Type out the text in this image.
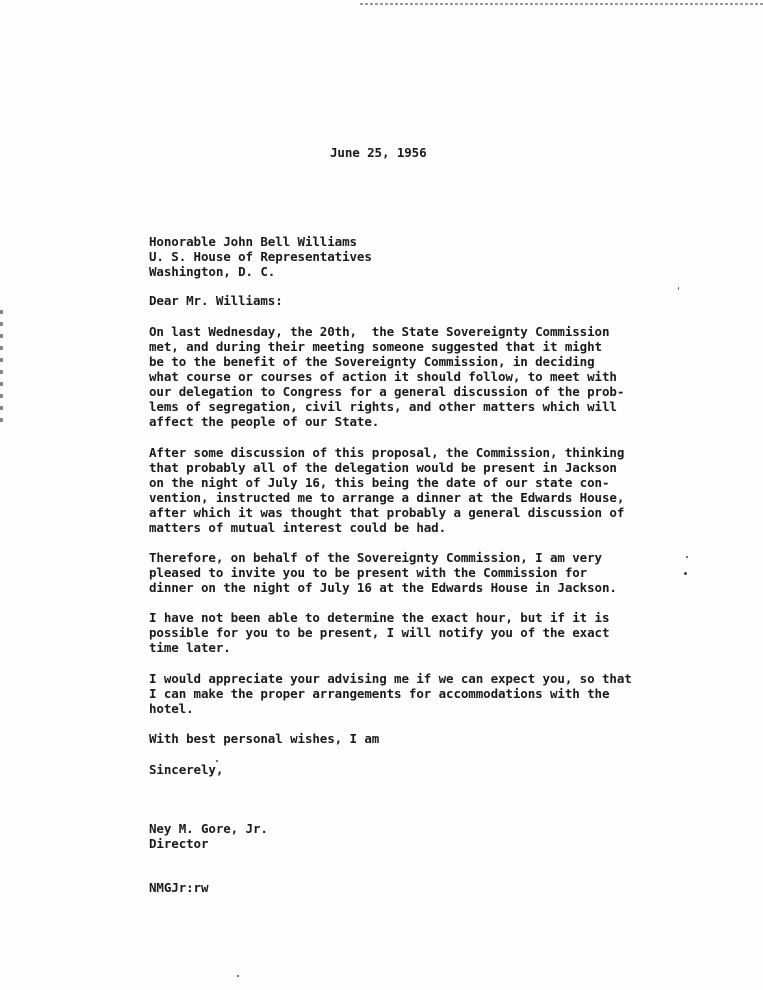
June 25, 1956
Honorable John Bell Williams
U. S. House of Representatives
Washington, D. C.
Dear Mr. Williams:
On last Wednesday, the 20th,  the State Sovereignty Commission
met, and during their meeting someone suggested that it might
be to the benefit of the Sovereignty Commission, in deciding
what course or courses of action it should follow, to meet with
our delegation to Congress for a general discussion of the prob-
lems of segregation, civil rights, and other matters which will
affect the people of our State.
After some discussion of this proposal, the Commission, thinking
that probably all of the delegation would be present in Jackson
on the night of July 16, this being the date of our state con-
vention, instructed me to arrange a dinner at the Edwards House,
after which it was thought that probably a general discussion of
matters of mutual interest could be had.
Therefore, on behalf of the Sovereignty Commission, I am very
pleased to invite you to be present with the Commission for
dinner on the night of July 16 at the Edwards House in Jackson.
I have not been able to determine the exact hour, but if it is
possible for you to be present, I will notify you of the exact
time later.
I would appreciate your advising me if we can expect you, so that
I can make the proper arrangements for accommodations with the
hotel.
With best personal wishes, I am
Sincerely,
Ney M. Gore, Jr.
Director
NMGJr:rw
